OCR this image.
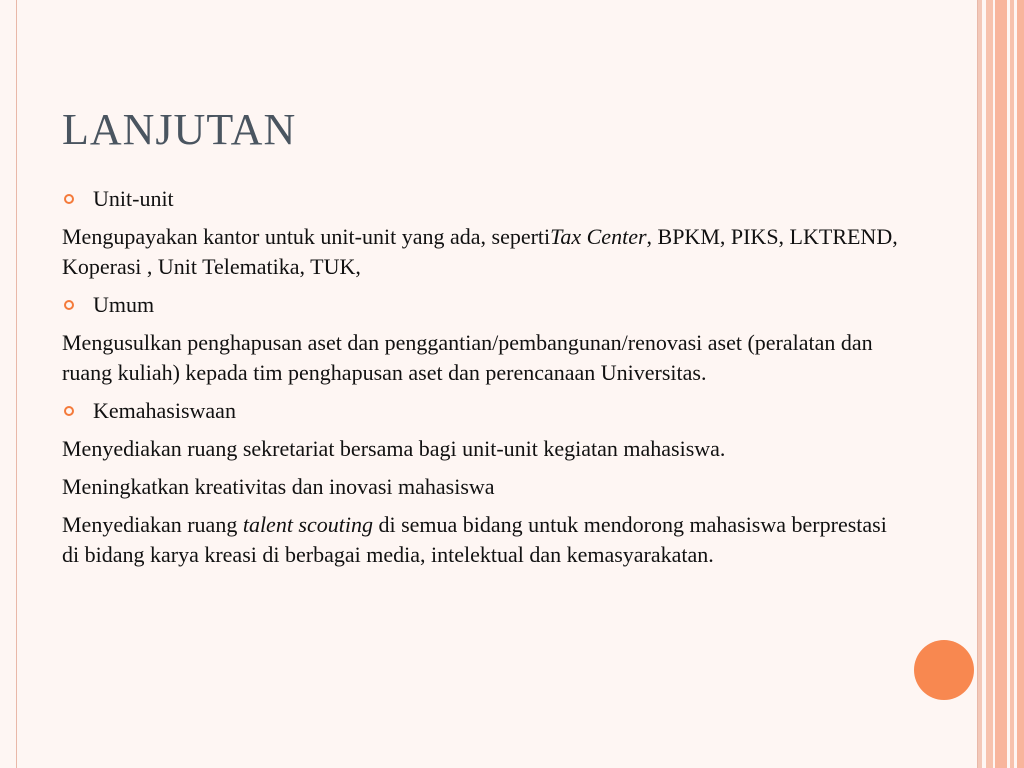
LANJUTAN
Unit-unit
Mengupayakan kantor untuk unit-unit yang ada, sepertiTax Center, BPKM, PIKS, LKTREND, Koperasi , Unit Telematika, TUK,
Umum
Mengusulkan penghapusan aset dan penggantian/pembangunan/renovasi aset (peralatan dan ruang kuliah) kepada tim penghapusan aset dan perencanaan Universitas.
Kemahasiswaan
Menyediakan ruang sekretariat bersama bagi unit-unit kegiatan mahasiswa.
Meningkatkan kreativitas dan inovasi mahasiswa
Menyediakan ruang talent scouting di semua bidang untuk mendorong mahasiswa berprestasi di bidang karya kreasi di berbagai media, intelektual dan kemasyarakatan.
